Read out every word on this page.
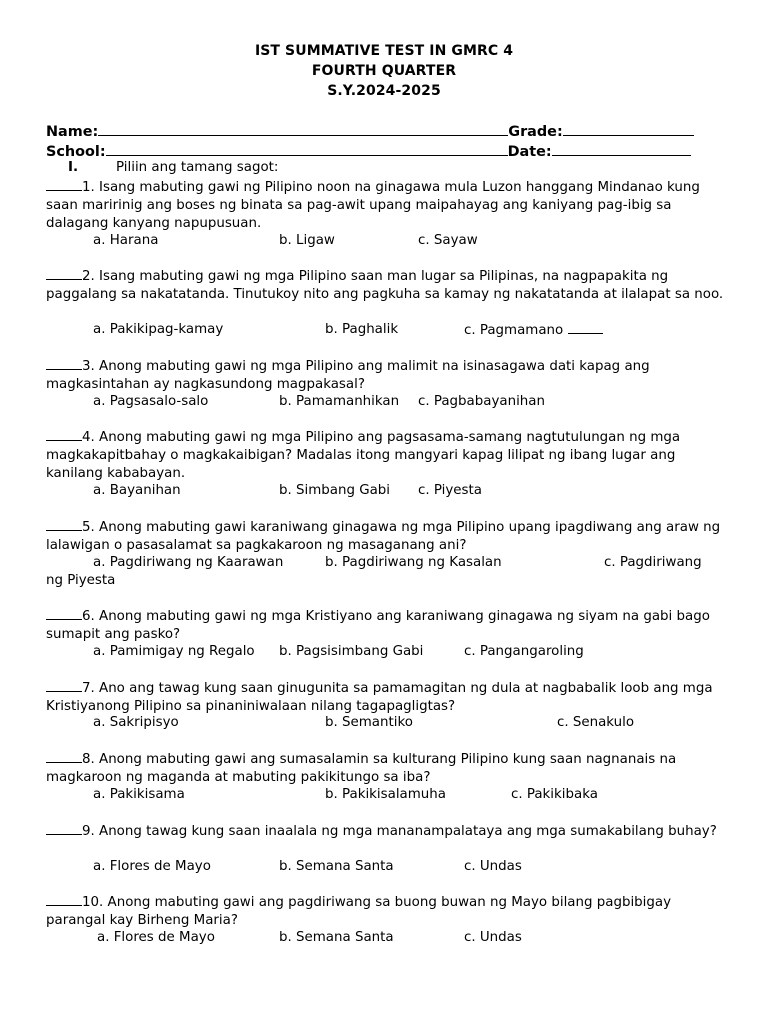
IST SUMMATIVE TEST IN GMRC 4
FOURTH QUARTER
S.Y.2024-2025
Name:	Grade:
School:	Date:
I.	Piliin ang tamang sagot:
1. Isang mabuting gawi ng Pilipino noon na ginagawa mula Luzon hanggang Mindanao kung saan maririnig ang boses ng binata sa pag-awit upang maipahayag ang kaniyang pag-ibig sa dalagang kanyang napupusuan.
a. Harana	b. Ligaw	c. Sayaw
2. Isang mabuting gawi ng mga Pilipino saan man lugar sa Pilipinas, na nagpapakita ng paggalang sa nakatatanda. Tinutukoy nito ang pagkuha sa kamay ng nakatatanda at ilalapat sa noo.
a. Pakikipag-kamay	b. Paghalik	c. Pagmamano
3. Anong mabuting gawi ng mga Pilipino ang malimit na isinasagawa dati kapag ang magkasintahan ay nagkasundong magpakasal?
a. Pagsasalo-salo	b. Pamamanhikan c. Pagbabayanihan
4. Anong mabuting gawi ng mga Pilipino ang pagsasama-samang nagtutulungan ng mga magkakapitbahay o magkakaibigan? Madalas itong mangyari kapag lilipat ng ibang lugar ang kanilang kababayan.
a. Bayanihan	b. Simbang Gabi c. Piyesta
5. Anong mabuting gawi karaniwang ginagawa ng mga Pilipino upang ipagdiwang ang araw ng lalawigan o pasasalamat sa pagkakaroon ng masaganang ani?
a. Pagdiriwang ng Kaarawan	b. Pagdiriwang ng Kasalan	c. Pagdiriwang
ng Piyesta
6. Anong mabuting gawi ng mga Kristiyano ang karaniwang ginagawa ng siyam na gabi bago sumapit ang pasko?
a. Pamimigay ng Regalo b. Pagsisimbang Gabi	c. Pangangaroling
7. Ano ang tawag kung saan ginugunita sa pamamagitan ng dula at nagbabalik loob ang mga Kristiyanong Pilipino sa pinaniniwalaan nilang tagapagligtas?
a. Sakripisyo	b. Semantiko	c. Senakulo
8. Anong mabuting gawi ang sumasalamin sa kulturang Pilipino kung saan nagnanais na magkaroon ng maganda at mabuting pakikitungo sa iba?
a. Pakikisama	b. Pakikisalamuha	c. Pakikibaka
9. Anong tawag kung saan inaalala ng mga mananampalataya ang mga sumakabilang buhay?
a. Flores de Mayo	b. Semana Santa	c. Undas
10. Anong mabuting gawi ang pagdiriwang sa buong buwan ng Mayo bilang pagbibigay parangal kay Birheng Maria?
a. Flores de Mayo	b. Semana Santa	c. Undas
